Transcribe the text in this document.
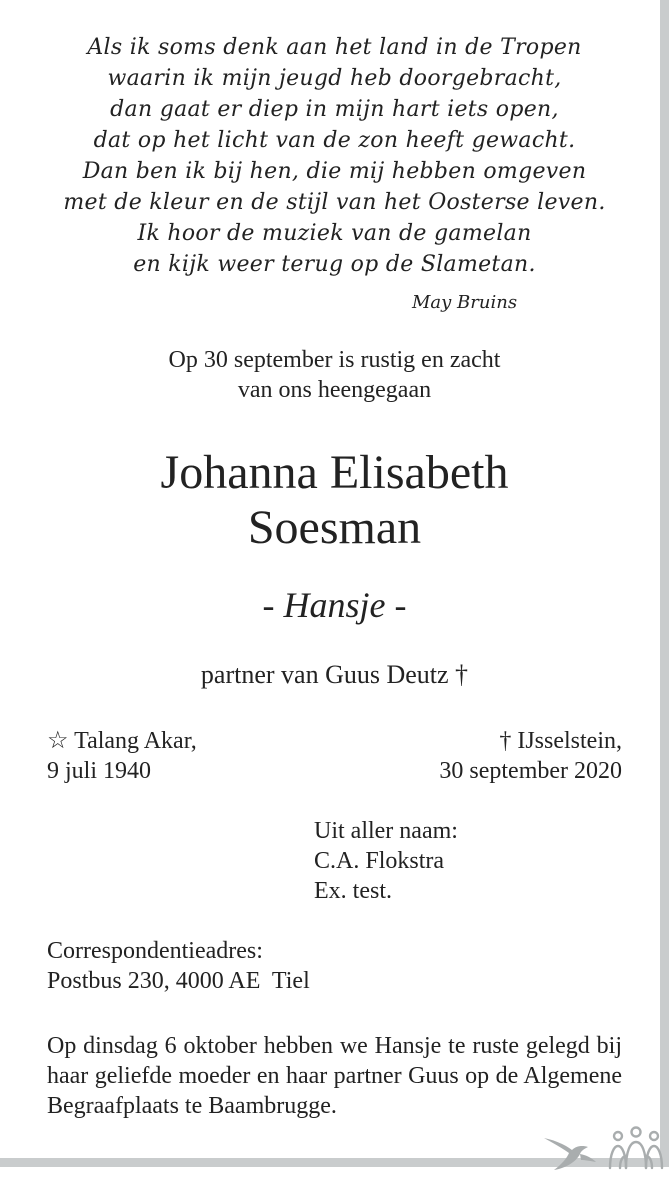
Als ik soms denk aan het land in de Tropen
waarin ik mijn jeugd heb doorgebracht,
dan gaat er diep in mijn hart iets open,
dat op het licht van de zon heeft gewacht.
Dan ben ik bij hen, die mij hebben omgeven
met de kleur en de stijl van het Oosterse leven.
Ik hoor de muziek van de gamelan
en kijk weer terug op de Slametan.
May Bruins
Op 30 september is rustig en zacht
van ons heengegaan
Johanna Elisabeth
Soesman
- Hansje -
partner van Guus Deutz †
☆ Talang Akar,
9 juli 1940
† IJsselstein,
30 september 2020
Uit aller naam:
C.A. Flokstra
Ex. test.
Correspondentieadres:
Postbus 230, 4000 AE  Tiel
Op dinsdag 6 oktober hebben we Hansje te ruste gelegd bij haar geliefde moeder en haar partner Guus op de Algemene Begraafplaats te Baambrugge.
